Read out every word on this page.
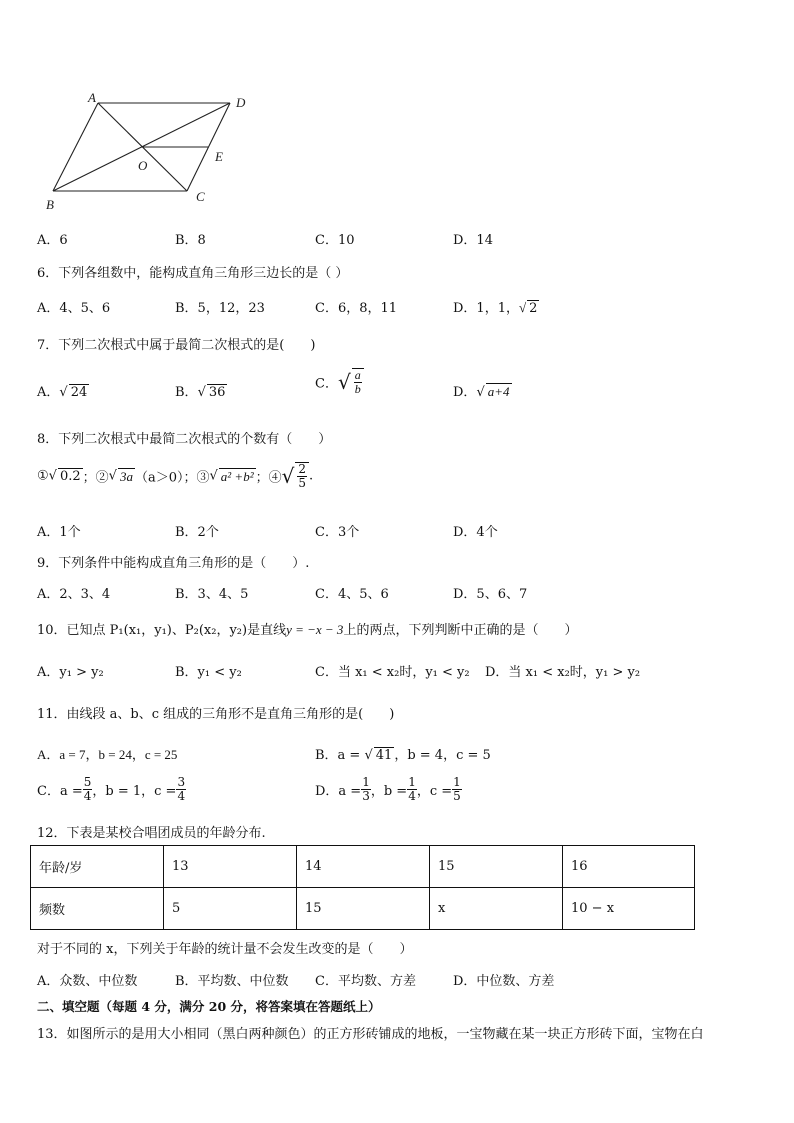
A	D
O
E
B
C
A．6	B．8	C．10	D．14
6．下列各组数中，能构成直角三角形三边长的是（ ）
A．4、5、6	B．5，12，23	C．6，8，11	D．1，1，√ 2
7．下列二次根式中属于最简二次根式的是(　　)
A．√ 24	B．√ 36
C．√ $\frac{a}{b}$	D．√ a+4
8．下列二次根式中最简二次根式的个数有（　　）
①√ 0.2 ；②√ 3a （a＞0）；③√ a² +b² ；④√ $\frac{2}{5}$ .
A．1个	B．2个	C．3个	D．4个
9．下列条件中能构成直角三角形的是（　　）.
A．2、3、4	B．3、4、5	C．4、5、6	D．5、6、7
10．已知点 P₁(x₁，y₁)、P₂(x₂，y₂)是直线y = −x − 3上的两点，下列判断中正确的是（　　）
A．y₁ > y₂	B．y₁ < y₂	C．当 x₁ < x₂时，y₁ < y₂ D．当 x₁ < x₂时，y₁ > y₂
11．由线段 a、b、c 组成的三角形不是直角三角形的是(　　)
A．a = 7，b = 24，c = 25	B．a = √ 41 ，b = 4，c = 5
C．$a = \frac{5}{4}$ ，b = 1，$c = \frac{3}{4}$	D．$a = \frac{1}{3}$ ，$b = \frac{1}{4}$ ，$c = \frac{1}{5}$
12．下表是某校合唱团成员的年龄分布.
年龄/岁	13	14	15	16
频数	5	15	x	10 − x
对于不同的 x，下列关于年龄的统计量不会发生改变的是（　　）
A．众数、中位数	B．平均数、中位数 C．平均数、方差	D．中位数、方差
二、填空题（每题 4 分，满分 20 分，将答案填在答题纸上）
13．如图所示的是用大小相同（黑白两种颜色）的正方形砖铺成的地板，一宝物藏在某一块正方形砖下面，宝物在白
